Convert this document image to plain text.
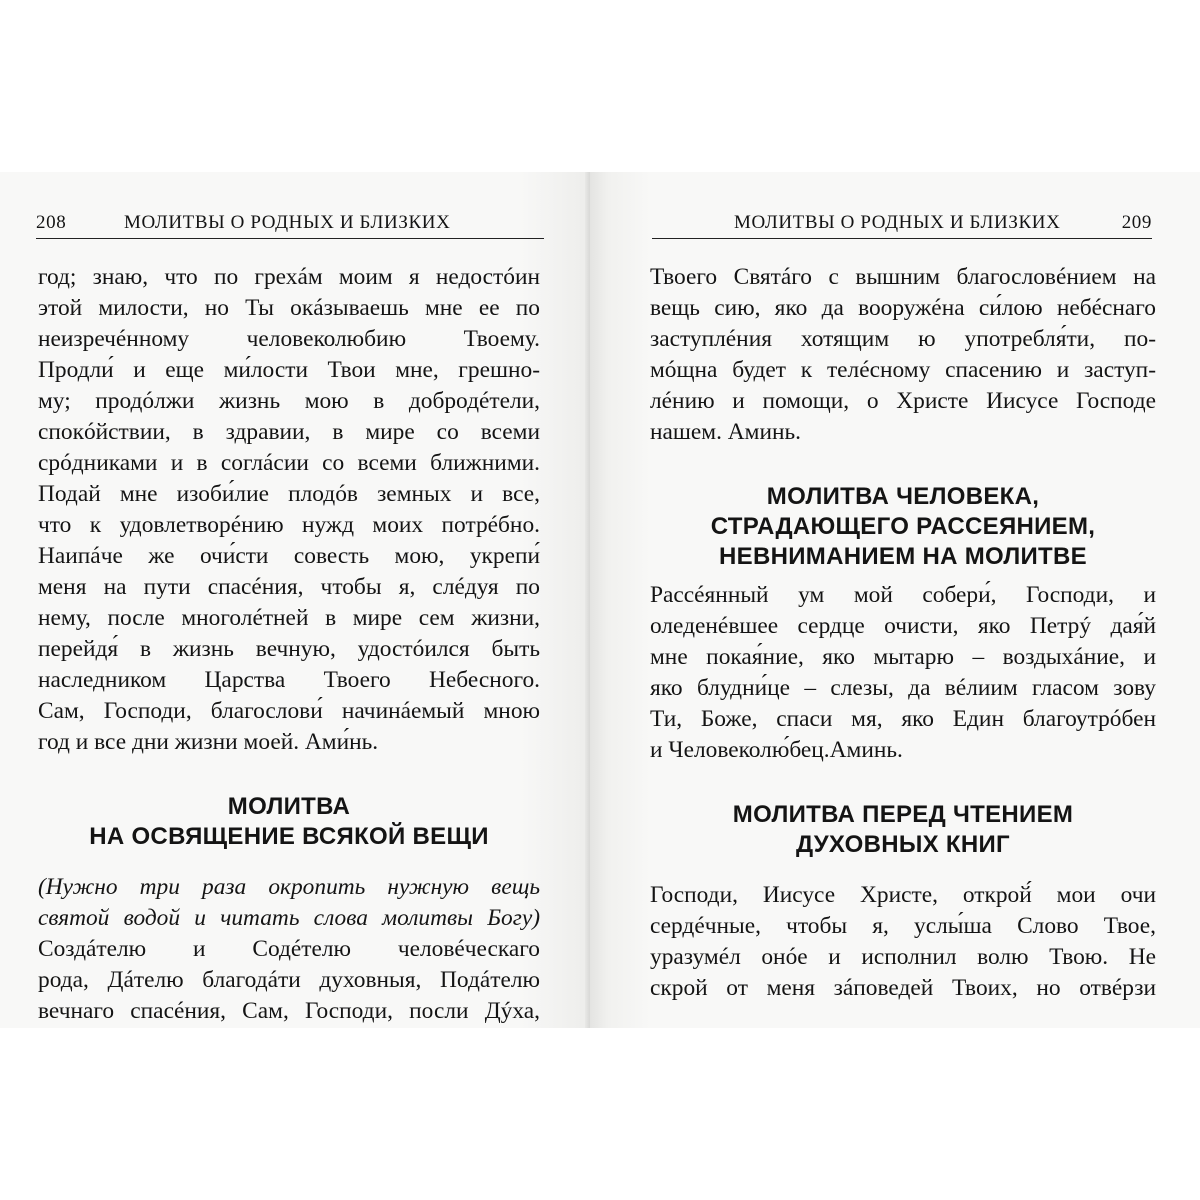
208	МОЛИТВЫ О РОДНЫХ И БЛИЗКИХ
год; знаю, что по грехáм моим я недостóин
этой милости, но Ты окáзываешь мне ее по
неизречéнному человеколюбию Твоему.
Продли́ и еще ми́лости Твои мне, грешно-
му; продóлжи жизнь мою в добродéтели,
спокóйствии, в здравии, в мире со всеми
срóдниками и в соглáсии со всеми ближними.
Подай мне изоби́лие плодóв земных и все,
что к удовлетворéнию нужд моих потрéбно.
Наипáче же очи́сти совесть мою, укрепи́
меня на пути спасéния, чтобы я, слéдуя по
нему, после многолéтней в мире сем жизни,
перейдя́ в жизнь вечную, удостóился быть
наследником Царства Твоего Небесного.
Сам, Господи, благослови́ начинáемый мною
год и все дни жизни моей. Ами́нь.
МОЛИТВА
НА ОСВЯЩЕНИЕ ВСЯКОЙ ВЕЩИ
(Нужно три раза окропить нужную вещь
святой водой и читать слова молитвы Богу)
Создáтелю и Содéтелю человéческаго
рода, Дáтелю благодáти духовныя, Подáтелю
вечнаго спасéния, Сам, Господи, посли Дýха,
МОЛИТВЫ О РОДНЫХ И БЛИЗКИХ	209
Твоего Святáго с вышним благословéнием на
вещь сию, яко да вооружéна си́лою небéснаго
заступлéния хотящим ю употребля́ти, по-
мóщна будет к телéсному спасению и заступ-
лéнию и помощи, о Христе Иисусе Господе
нашем. Аминь.
МОЛИТВА ЧЕЛОВЕКА,
СТРАДАЮЩЕГО РАССЕЯНИЕМ,
НЕВНИМАНИЕМ НА МОЛИТВЕ
Рассéянный ум мой собери́, Господи, и
оледенéвшее сердце очисти, яко Петрý дая́й
мне покая́ние, яко мытарю – воздыхáние, и
яко блудни́це – слезы, да вéлиим гласом зову
Ти, Боже, спаси мя, яко Един благоутрóбен
и Человеколю́бец.Аминь.
МОЛИТВА ПЕРЕД ЧТЕНИЕМ
ДУХОВНЫХ КНИГ
Господи, Иисусе Христе, открой́ мои очи
сердéчные, чтобы я, услы́ша Слово Твое,
уразумéл онóе и исполнил волю Твою. Не
скрой от меня зáповедей Твоих, но отвéрзи
